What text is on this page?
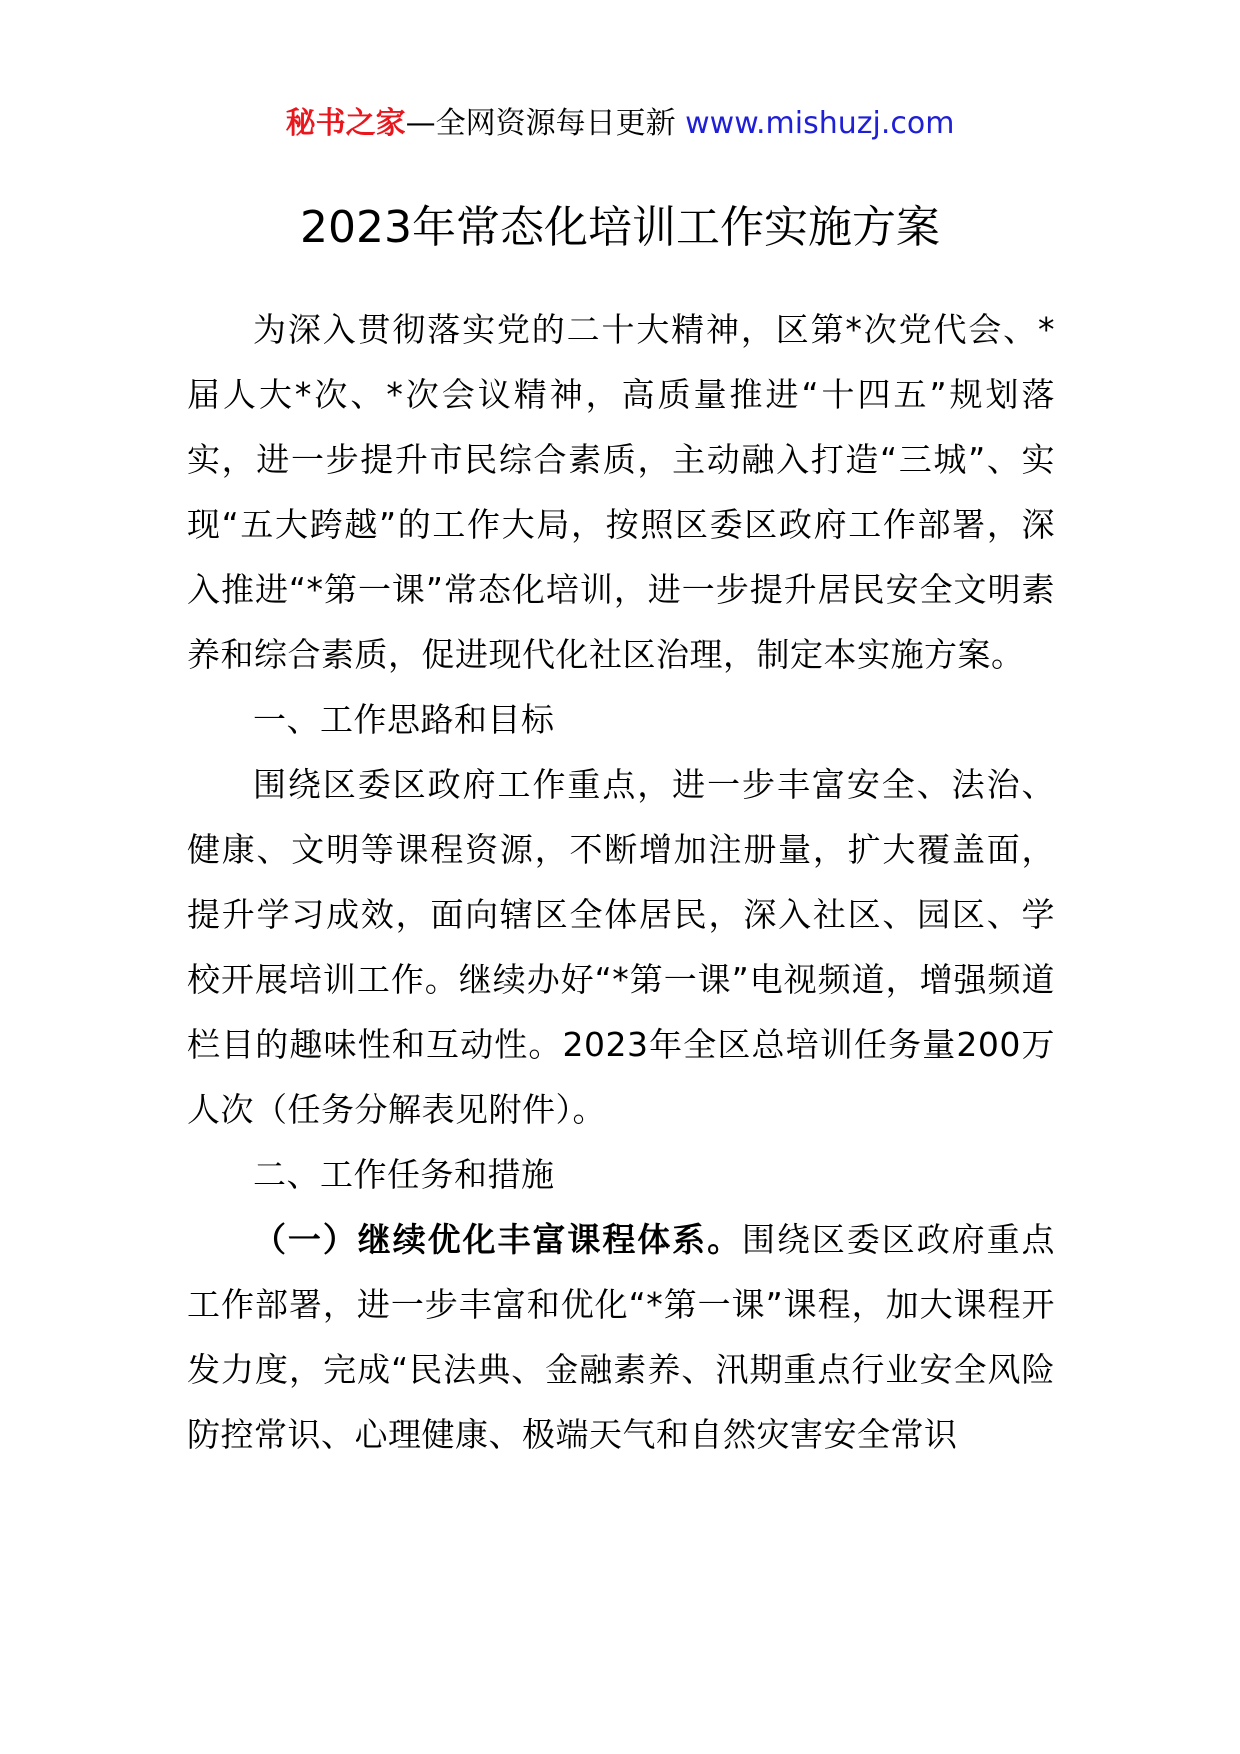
秘书之家—全网资源每日更新 www.mishuzj.com
2023年常态化培训工作实施方案

为深入贯彻落实党的二十大精神，区第*次党代会、*届人大*次、*次会议精神，高质量推进“十四五”规划落实，进一步提升市民综合素质，主动融入打造“三城”、实现“五大跨越”的工作大局，按照区委区政府工作部署，深入推进“*第一课”常态化培训，进一步提升居民安全文明素养和综合素质，促进现代化社区治理，制定本实施方案。

一、工作思路和目标

围绕区委区政府工作重点，进一步丰富安全、法治、健康、文明等课程资源，不断增加注册量，扩大覆盖面，提升学习成效，面向辖区全体居民，深入社区、园区、学校开展培训工作。继续办好“*第一课”电视频道，增强频道栏目的趣味性和互动性。2023年全区总培训任务量200万人次（任务分解表见附件）。

二、工作任务和措施

（一）继续优化丰富课程体系。围绕区委区政府重点工作部署，进一步丰富和优化“*第一课”课程，加大课程开发力度，完成“民法典、金融素养、汛期重点行业安全风险防控常识、心理健康、极端天气和自然灾害安全常识
